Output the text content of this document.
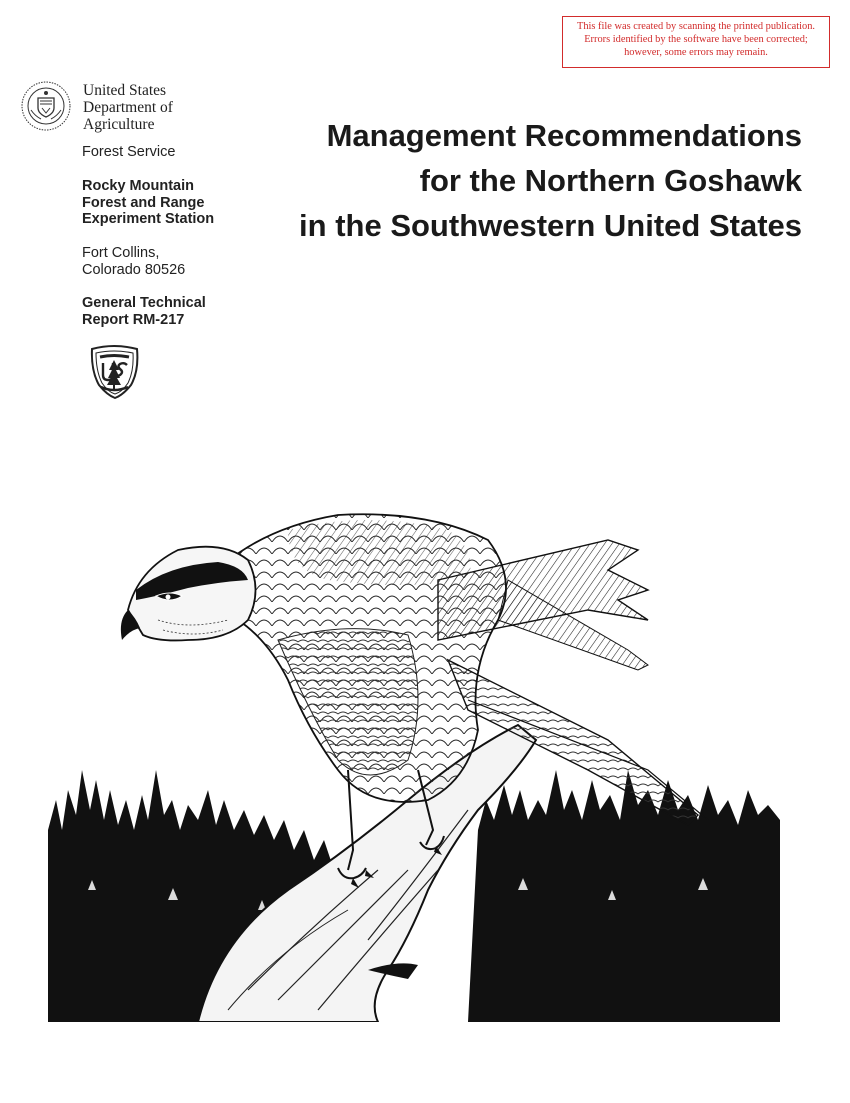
This file was created by scanning the printed publication.
Errors identified by the software have been corrected;
however, some errors may remain.
United States
Department of
Agriculture
Forest Service
Rocky Mountain
Forest and Range
Experiment Station
Fort Collins,
Colorado 80526
General Technical
Report RM-217
Management Recommendations
for the Northern Goshawk
in the Southwestern United States
